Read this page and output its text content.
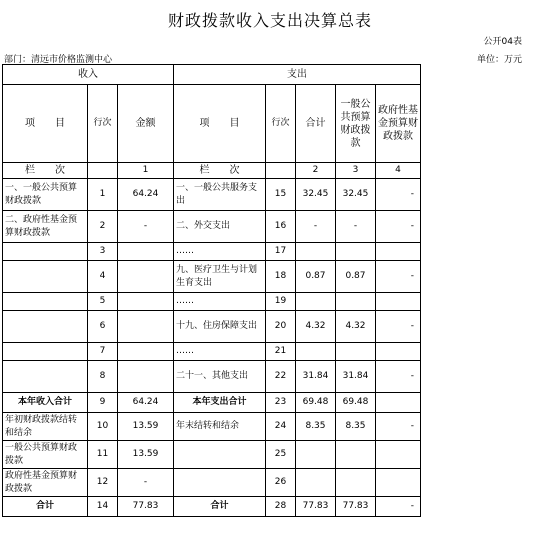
财政拨款收入支出决算总表
公开04表
部门：清远市价格监测中心	单位：万元
收入			支出				
项　　目	行次	金额	项　　目	行次	合计	一般公共预算财政拨款	政府性基金预算财政拨款
栏　　次		1	栏　　次		2	3	4
一、一般公共预算财政拨款	1	64.24	一、一般公共服务支出	15	32.45	32.45	-
二、政府性基金预算财政拨款	2	-	二、外交支出	16	-	-	-
	3		……	17			
	4		九、医疗卫生与计划生育支出	18	0.87	0.87	-
	5		……	19			
	6		十九、住房保障支出	20	4.32	4.32	-
	7		……	21			
	8		二十一、其他支出	22	31.84	31.84	-
本年收入合计	9	64.24	本年支出合计	23	69.48	69.48	
年初财政拨款结转和结余	10	13.59	年末结转和结余	24	8.35	8.35	-
一般公共预算财政拨款	11	13.59		25			
政府性基金预算财政拨款	12	-		26			
合计	14	77.83	合计	28	77.83	77.83	-
